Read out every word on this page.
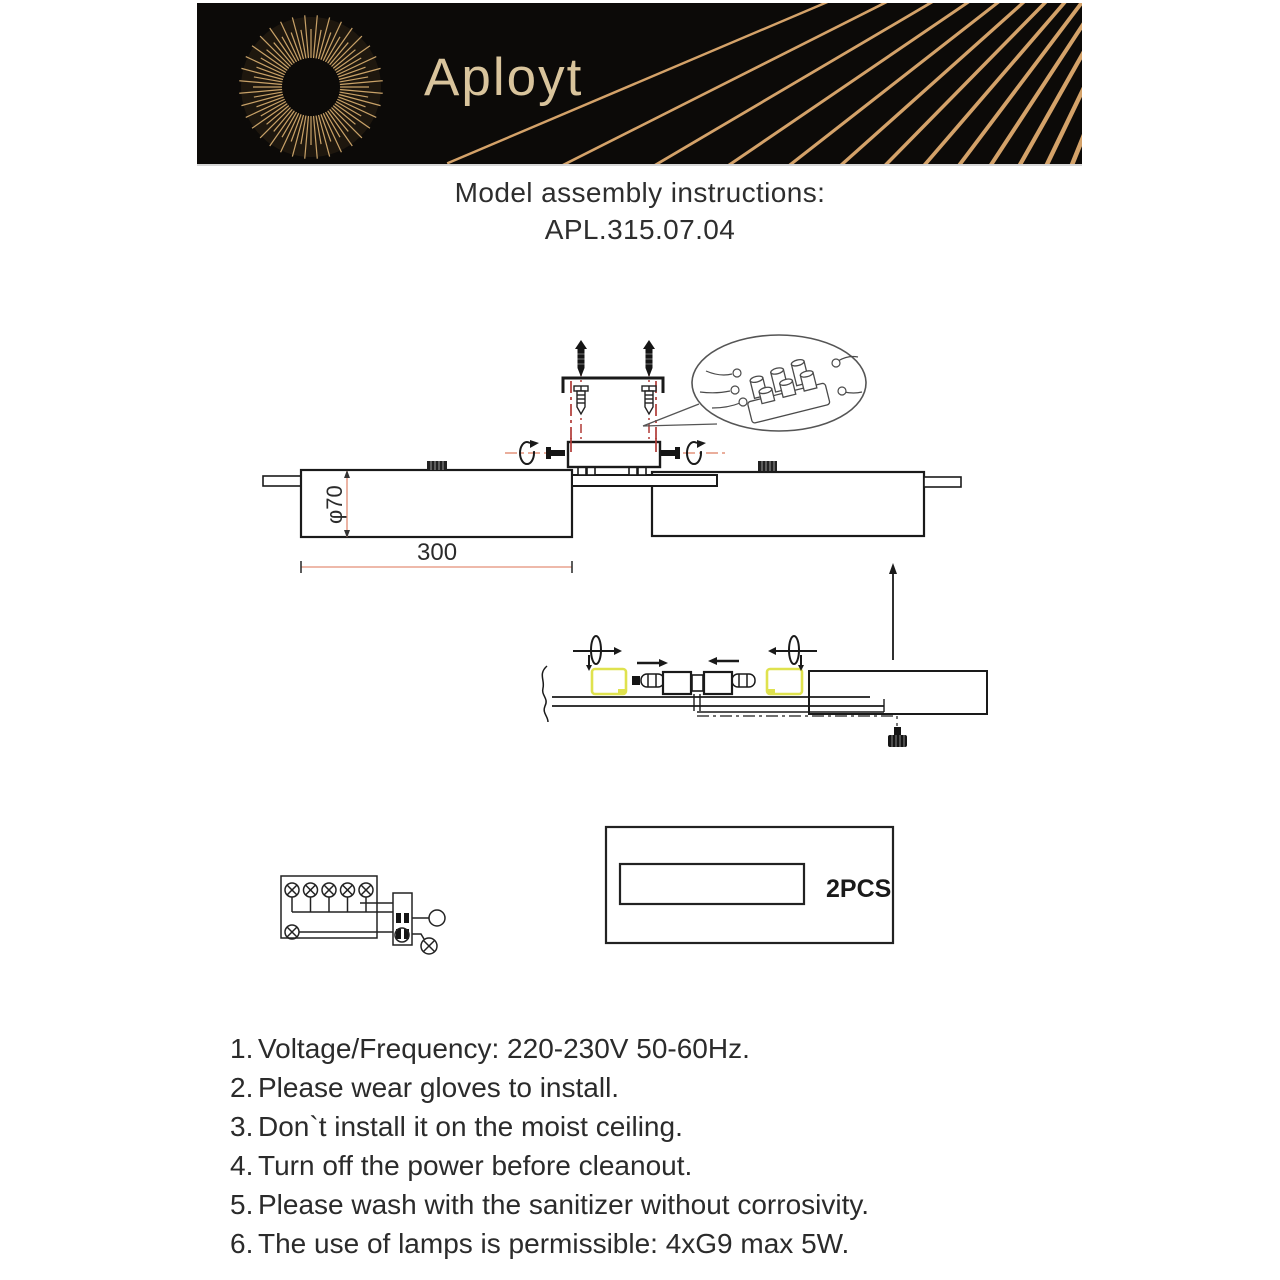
Aployt
Model assembly instructions:
APL.315.07.04
φ70
300
2PCS
1. Voltage/Frequency: 220-230V 50-60Hz.
2. Please wear gloves to install.
3. Don`t install it on the moist ceiling.
4. Turn off the power before cleanout.
5. Please wash with the sanitizer without corrosivity.
6. The use of lamps is permissible: 4xG9 max 5W.
